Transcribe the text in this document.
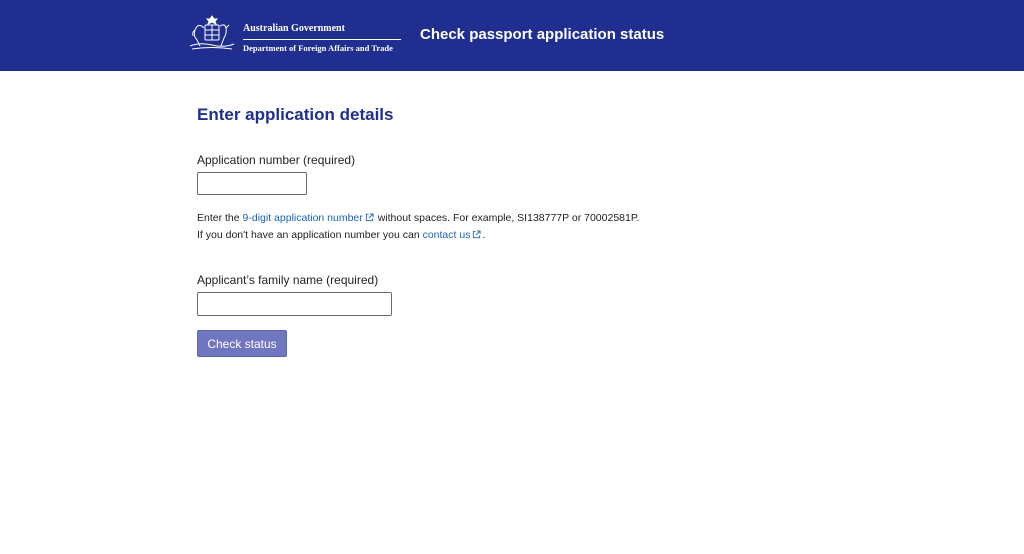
Australian Government
Department of Foreign Affairs and Trade
Check passport application status
Enter application details
Application number (required)
Enter the 9-digit application number without spaces. For example, SI138777P or 70002581P.
If you don't have an application number you can contact us .
Applicant’s family name (required)
Check status
